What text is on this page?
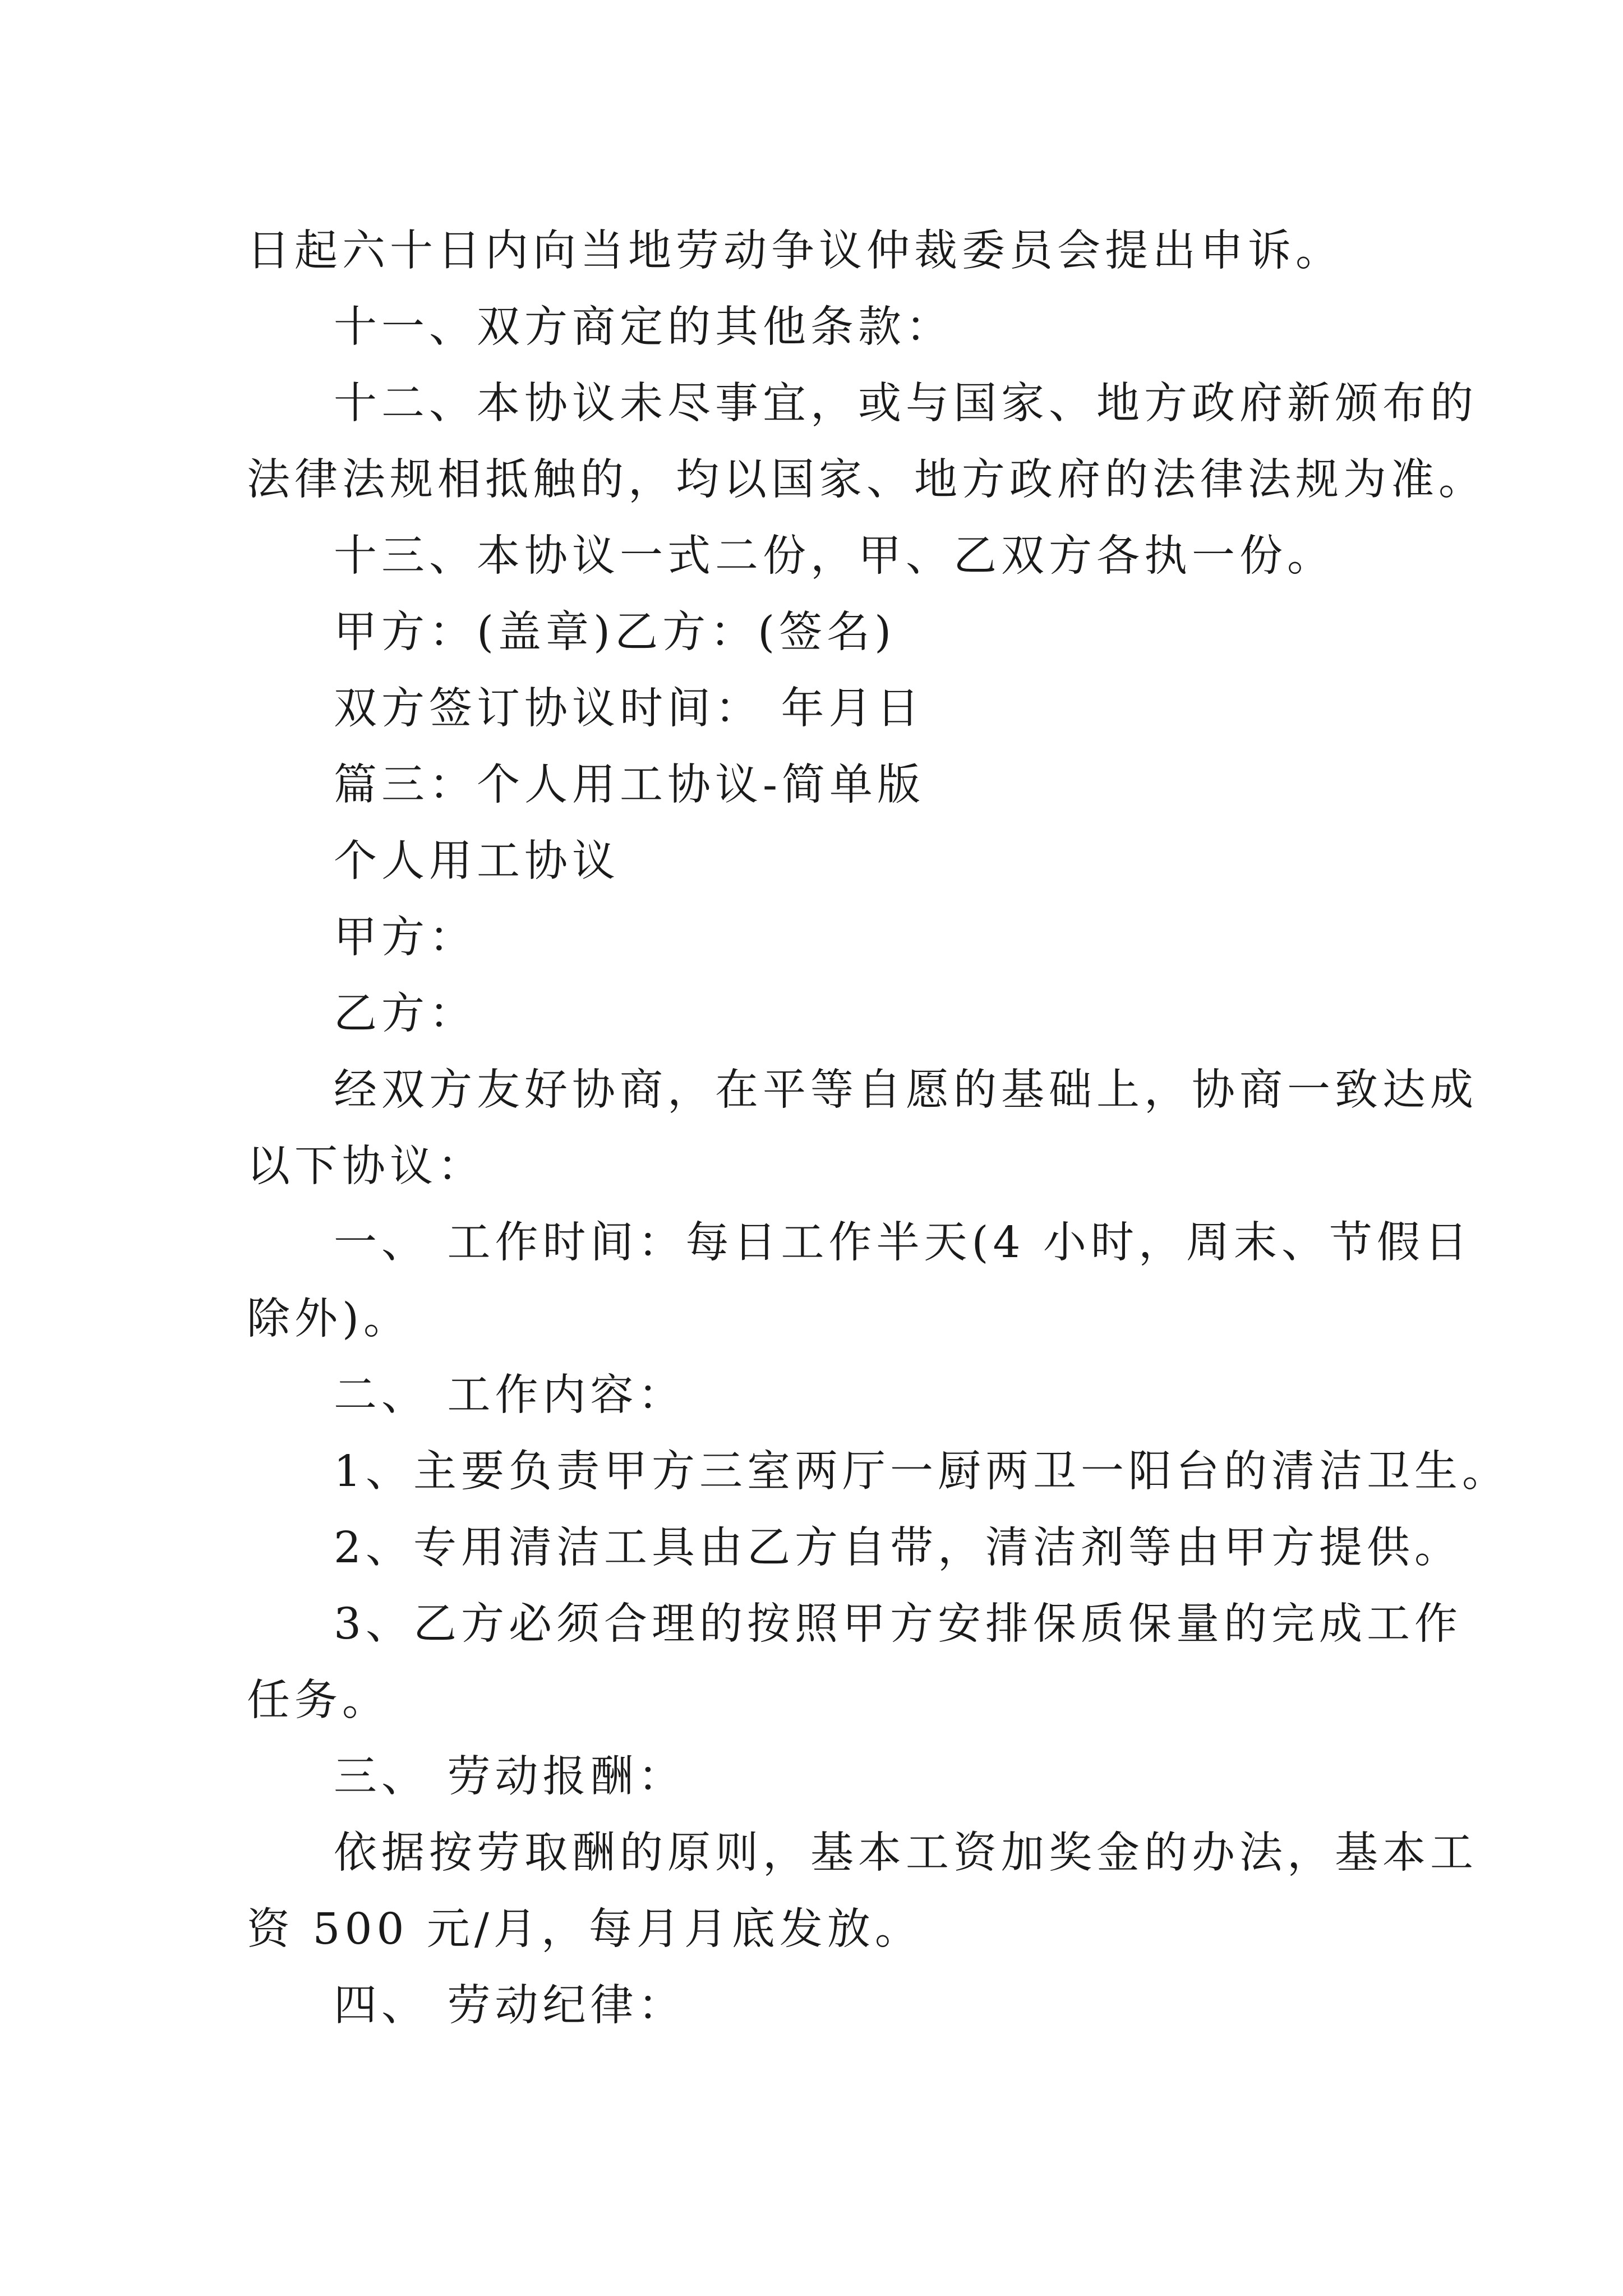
日起六十日内向当地劳动争议仲裁委员会提出申诉。
十一、双方商定的其他条款：
十二、本协议未尽事宜，或与国家、地方政府新颁布的
法律法规相抵触的，均以国家、地方政府的法律法规为准。
十三、本协议一式二份，甲、乙双方各执一份。
甲方：(盖章)乙方：(签名)
双方签订协议时间： 年月日
篇三：个人用工协议-简单版
个人用工协议
甲方：
乙方：
经双方友好协商，在平等自愿的基础上，协商一致达成
以下协议：
一、 工作时间：每日工作半天(4 小时，周末、节假日
除外)。
二、 工作内容：
1、主要负责甲方三室两厅一厨两卫一阳台的清洁卫生。
2、专用清洁工具由乙方自带，清洁剂等由甲方提供。
3、乙方必须合理的按照甲方安排保质保量的完成工作
任务。
三、 劳动报酬：
依据按劳取酬的原则，基本工资加奖金的办法，基本工
资 500 元/月，每月月底发放。
四、 劳动纪律：
